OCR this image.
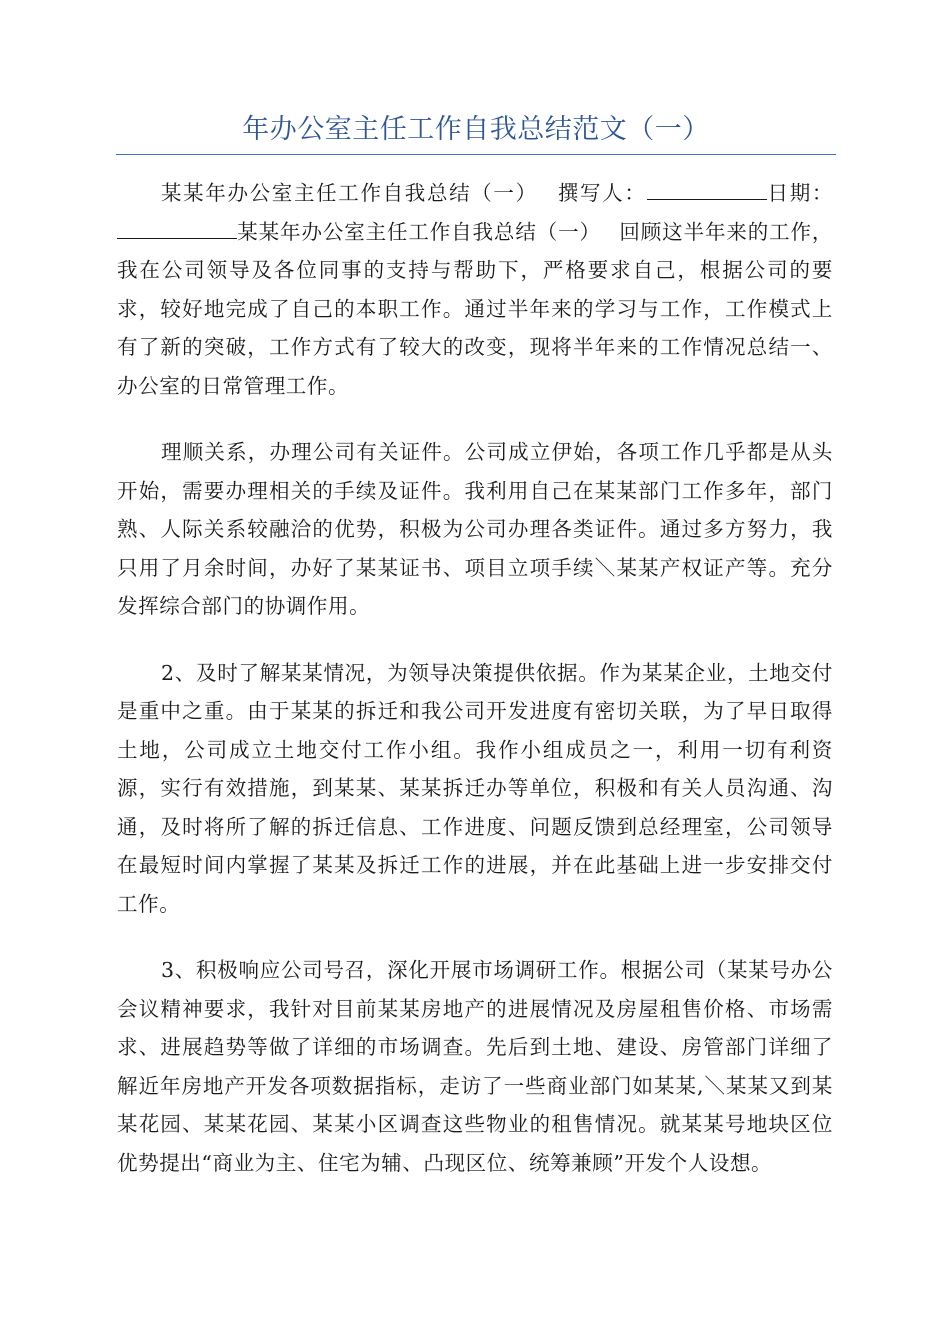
年办公室主任工作自我总结范文（一）

某某年办公室主任工作自我总结（一）　 撰写人：	日期：某某年办公室主任工作自我总结（一）　 回顾这半年来的工作，我在公司领导及各位同事的支持与帮助下，严格要求自己，根据公司的要求，较好地完成了自己的本职工作。通过半年来的学习与工作，工作模式上有了新的突破，工作方式有了较大的改变，现将半年来的工作情况总结一、办公室的日常管理工作。

理顺关系，办理公司有关证件。公司成立伊始，各项工作几乎都是从头开始，需要办理相关的手续及证件。我利用自己在某某部门工作多年，部门熟、人际关系较融洽的优势，积极为公司办理各类证件。通过多方努力，我只用了月余时间，办好了某某证书、项目立项手续＼某某产权证产等。充分发挥综合部门的协调作用。

2、及时了解某某情况，为领导决策提供依据。作为某某企业，土地交付是重中之重。由于某某的拆迁和我公司开发进度有密切关联，为了早日取得土地，公司成立土地交付工作小组。我作小组成员之一，利用一切有利资源，实行有效措施，到某某、某某拆迁办等单位，积极和有关人员沟通、沟通，及时将所了解的拆迁信息、工作进度、问题反馈到总经理室，公司领导在最短时间内掌握了某某及拆迁工作的进展，并在此基础上进一步安排交付工作。

3、积极响应公司号召，深化开展市场调研工作。根据公司（某某号办公会议精神要求，我针对目前某某房地产的进展情况及房屋租售价格、市场需求、进展趋势等做了详细的市场调查。先后到土地、建设、房管部门详细了解近年房地产开发各项数据指标，走访了一些商业部门如某某,＼某某又到某某花园、某某花园、某某小区调查这些物业的租售情况。就某某号地块区位优势提出“商业为主、住宅为辅、凸现区位、统筹兼顾”开发个人设想。
